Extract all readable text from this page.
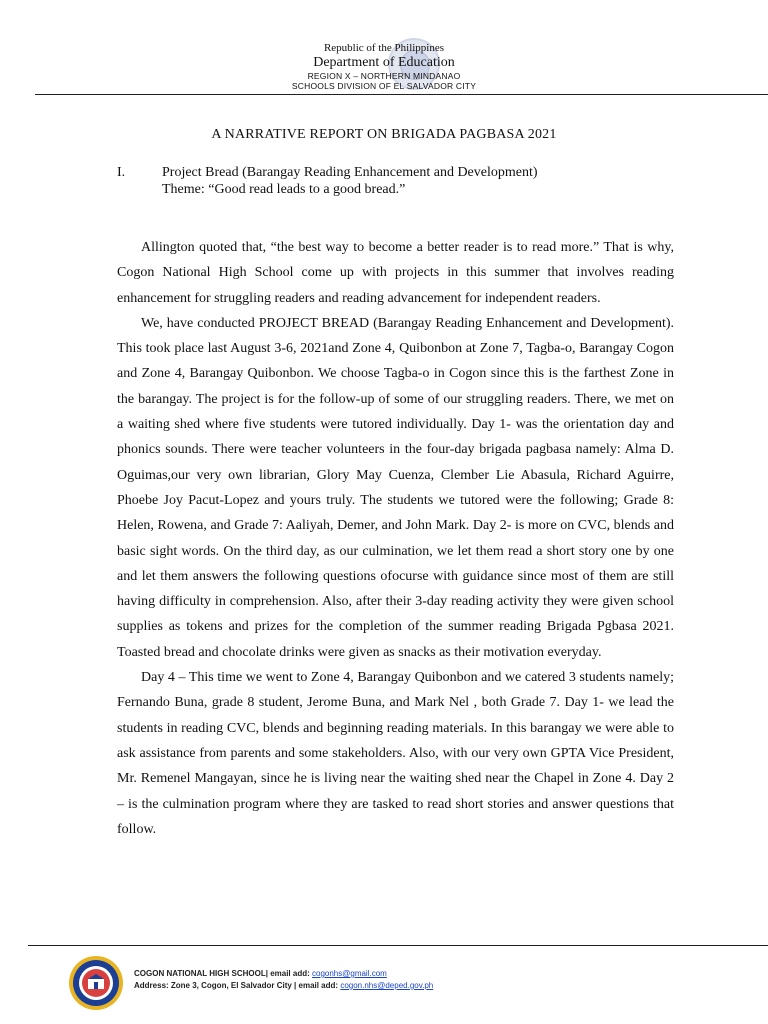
Republic of the Philippines
Department of Education
REGION X – NORTHERN MINDANAO
SCHOOLS DIVISION OF EL SALVADOR CITY
A NARRATIVE REPORT ON BRIGADA PAGBASA 2021
I.	Project Bread (Barangay Reading Enhancement and Development)
Theme: “Good read leads to a good bread.”

Allington quoted that, “the best way to become a better reader is to read more.” That is why, Cogon National High School come up with projects in this summer that involves reading enhancement for struggling readers and reading advancement for independent readers.

We, have conducted PROJECT BREAD (Barangay Reading Enhancement and Development). This took place last August 3-6, 2021and Zone 4, Quibonbon at Zone 7, Tagba-o, Barangay Cogon and Zone 4, Barangay Quibonbon. We choose Tagba-o in Cogon since this is the farthest Zone in the barangay. The project is for the follow-up of some of our struggling readers. There, we met on a waiting shed where five students were tutored individually. Day 1- was the orientation day and phonics sounds. There were teacher volunteers in the four-day brigada pagbasa namely: Alma D. Oguimas,our very own librarian, Glory May Cuenza, Clember Lie Abasula, Richard Aguirre, Phoebe Joy Pacut-Lopez and yours truly. The students we tutored were the following; Grade 8: Helen, Rowena, and Grade 7: Aaliyah, Demer, and John Mark. Day 2- is more on CVC, blends and basic sight words. On the third day, as our culmination, we let them read a short story one by one and let them answers the following questions ofocurse with guidance since most of them are still having difficulty in comprehension. Also, after their 3-day reading activity they were given school supplies as tokens and prizes for the completion of the summer reading Brigada Pgbasa 2021. Toasted bread and chocolate drinks were given as snacks as their motivation everyday.

Day 4 – This time we went to Zone 4, Barangay Quibonbon and we catered 3 students namely; Fernando Buna, grade 8 student, Jerome Buna, and Mark Nel , both Grade 7. Day 1- we lead the students in reading CVC, blends and beginning reading materials. In this barangay we were able to ask assistance from parents and some stakeholders. Also, with our very own GPTA Vice President, Mr. Remenel Mangayan, since he is living near the waiting shed near the Chapel in Zone 4. Day 2 – is the culmination program where they are tasked to read short stories and answer questions that follow.

COGON NATIONAL HIGH SCHOOL| email add: cogonhs@gmail.com
Address: Zone 3, Cogon, El Salvador City | email add: cogon.nhs@deped.gov.ph
